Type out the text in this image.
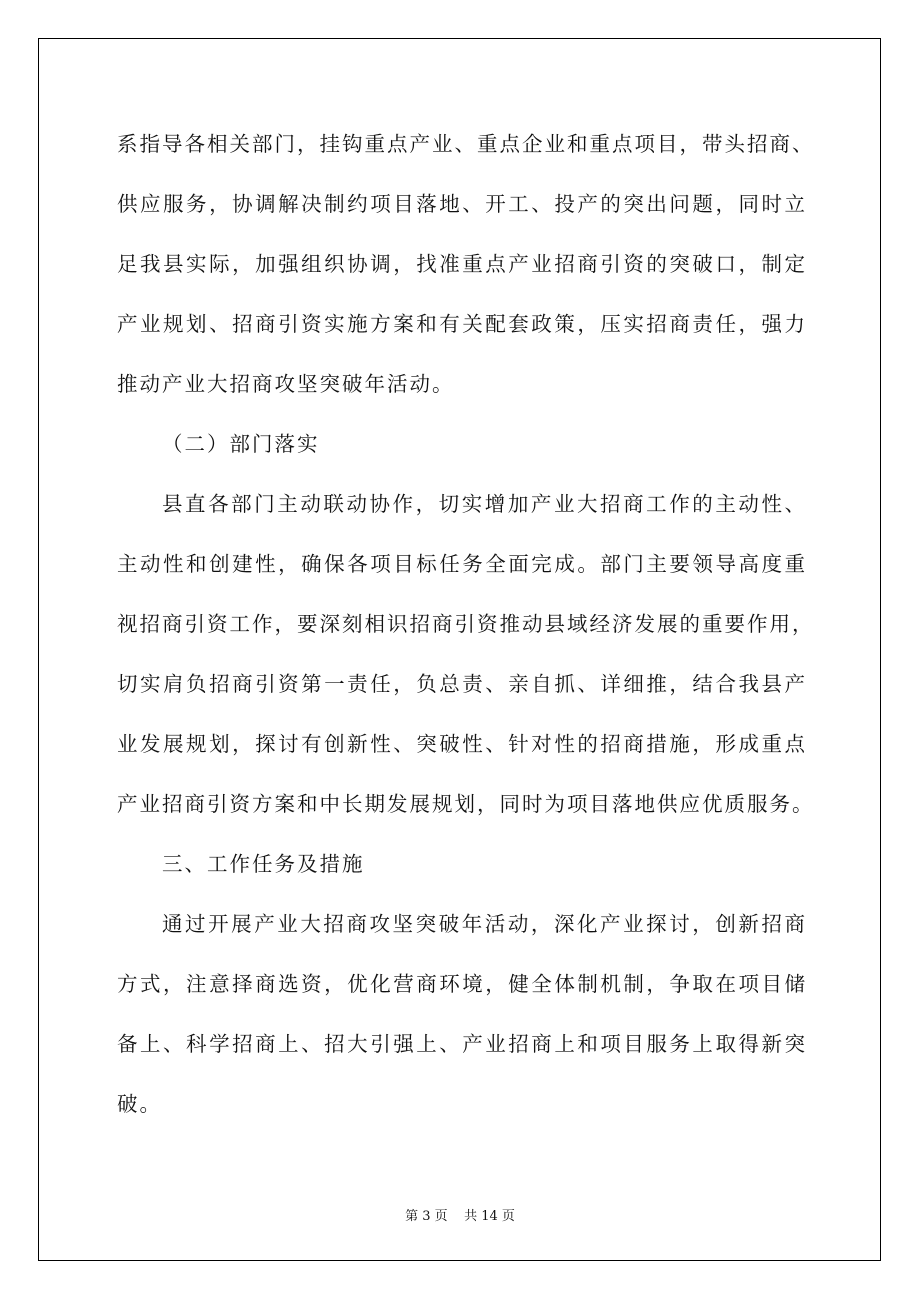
系指导各相关部门，挂钩重点产业、重点企业和重点项目，带头招商、
供应服务，协调解决制约项目落地、开工、投产的突出问题，同时立
足我县实际，加强组织协调，找准重点产业招商引资的突破口，制定
产业规划、招商引资实施方案和有关配套政策，压实招商责任，强力
推动产业大招商攻坚突破年活动。
（二）部门落实
县直各部门主动联动协作，切实增加产业大招商工作的主动性、
主动性和创建性，确保各项目标任务全面完成。部门主要领导高度重
视招商引资工作，要深刻相识招商引资推动县域经济发展的重要作用，
切实肩负招商引资第一责任，负总责、亲自抓、详细推，结合我县产
业发展规划，探讨有创新性、突破性、针对性的招商措施，形成重点
产业招商引资方案和中长期发展规划，同时为项目落地供应优质服务。
三、工作任务及措施
通过开展产业大招商攻坚突破年活动，深化产业探讨，创新招商
方式，注意择商选资，优化营商环境，健全体制机制，争取在项目储
备上、科学招商上、招大引强上、产业招商上和项目服务上取得新突
破。
第 3 页    共 14 页
